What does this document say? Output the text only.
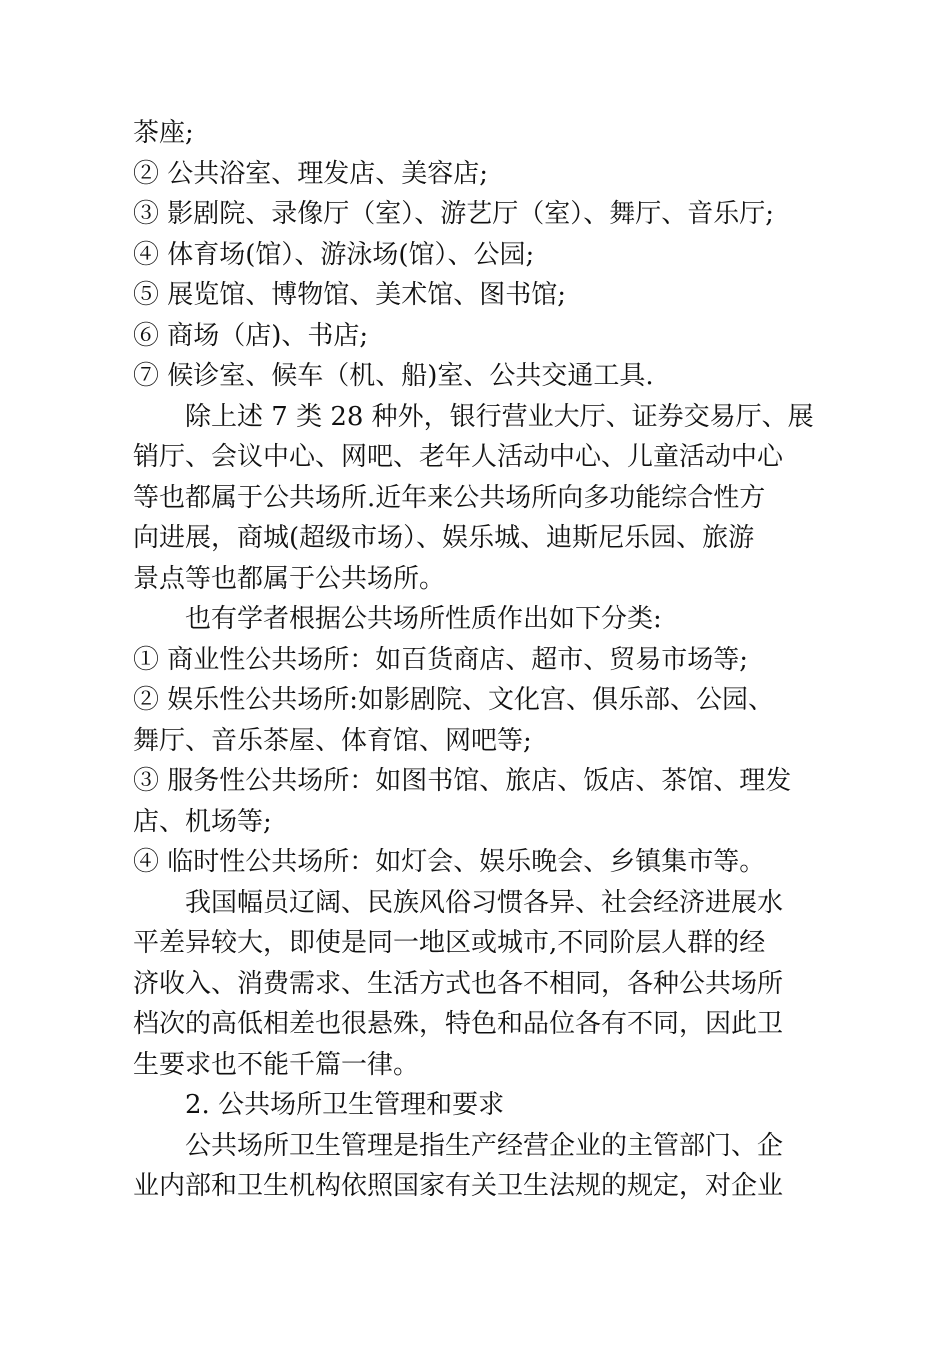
茶座;
② 公共浴室、理发店、美容店;
③ 影剧院、录像厅（室）、游艺厅（室）、舞厅、音乐厅;
④ 体育场(馆）、游泳场(馆）、公园;
⑤ 展览馆、博物馆、美术馆、图书馆;
⑥ 商场（店)、书店;
⑦ 候诊室、候车（机、船)室、公共交通工具.
除上述 7 类 28 种外，银行营业大厅、证券交易厅、展
销厅、会议中心、网吧、老年人活动中心、儿童活动中心
等也都属于公共场所.近年来公共场所向多功能综合性方
向进展，商城(超级市场）、娱乐城、迪斯尼乐园、旅游
景点等也都属于公共场所。
也有学者根据公共场所性质作出如下分类:
① 商业性公共场所：如百货商店、超市、贸易市场等;
② 娱乐性公共场所:如影剧院、文化宫、俱乐部、公园、
舞厅、音乐茶屋、体育馆、网吧等;
③ 服务性公共场所：如图书馆、旅店、饭店、茶馆、理发
店、机场等;
④ 临时性公共场所：如灯会、娱乐晚会、乡镇集市等。
我国幅员辽阔、民族风俗习惯各异、社会经济进展水
平差异较大，即使是同一地区或城市,不同阶层人群的经
济收入、消费需求、生活方式也各不相同，各种公共场所
档次的高低相差也很悬殊，特色和品位各有不同，因此卫
生要求也不能千篇一律。
2. 公共场所卫生管理和要求
公共场所卫生管理是指生产经营企业的主管部门、企
业内部和卫生机构依照国家有关卫生法规的规定，对企业
